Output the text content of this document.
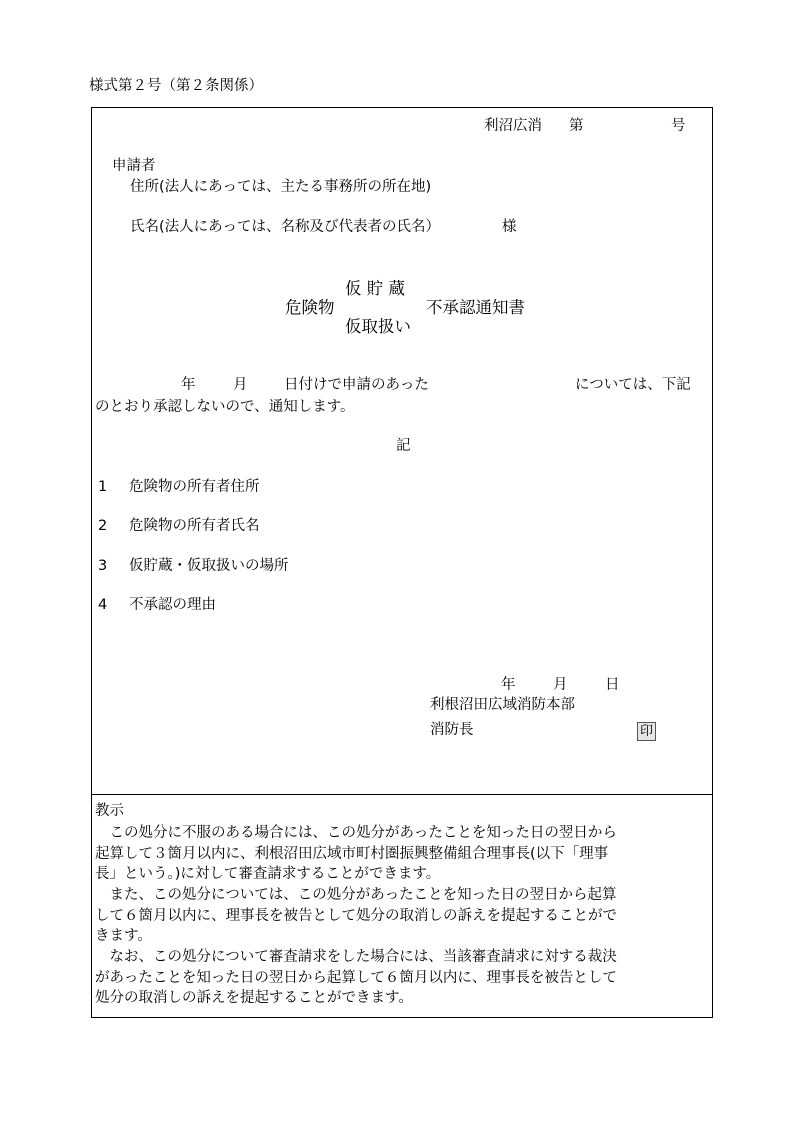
様式第２号（第２条関係）
利沼広消 第	号
申請者
住所(法人にあっては、主たる事務所の所在地)
氏名(法人にあっては、名称及び代表者の氏名）	様
仮 貯 蔵
危険物
仮取扱い
不承認通知書
年	月	日付けで申請のあった	については、下記
のとおり承認しないので、通知します。
記
1 危険物の所有者住所
2 危険物の所有者氏名
3 仮貯蔵・仮取扱いの場所
4 不承認の理由
年	月	日
利根沼田広域消防本部
消防長	印
教示
　この処分に不服のある場合には、この処分があったことを知った日の翌日から
起算して３箇月以内に、利根沼田広域市町村圏振興整備組合理事長(以下「理事
長」という。)に対して審査請求することができます。
　また、この処分については、この処分があったことを知った日の翌日から起算
して６箇月以内に、理事長を被告として処分の取消しの訴えを提起することがで
きます。
　なお、この処分について審査請求をした場合には、当該審査請求に対する裁決
があったことを知った日の翌日から起算して６箇月以内に、理事長を被告として
処分の取消しの訴えを提起することができます。
